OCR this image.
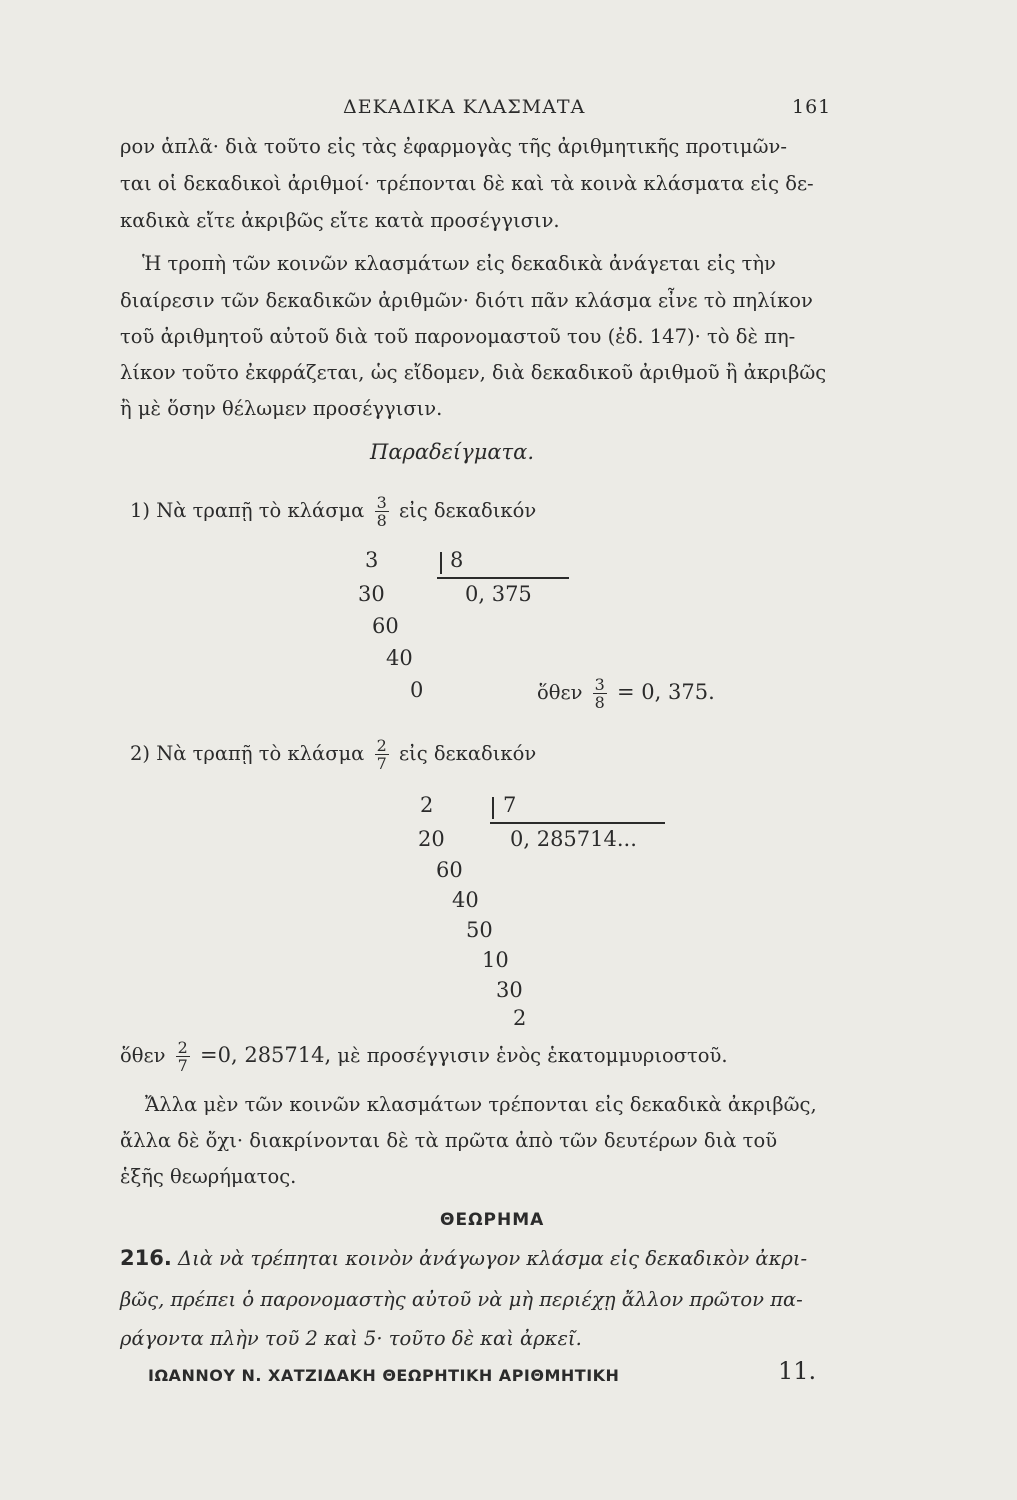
ΔΕΚΑΔΙΚΑ ΚΛΑΣΜΑΤΑ	161
ρον ἁπλᾶ· διὰ τοῦτο εἰς τὰς ἐφαρμογὰς τῆς ἀριθμητικῆς προτιμῶν-
ται οἱ δεκαδικοὶ ἀριθμοί· τρέπονται δὲ καὶ τὰ κοινὰ κλάσματα εἰς δε-
καδικὰ εἴτε ἀκριβῶς εἴτε κατὰ προσέγγισιν.
Ἡ τροπὴ τῶν κοινῶν κλασμάτων εἰς δεκαδικὰ ἀνάγεται εἰς τὴν
διαίρεσιν τῶν δεκαδικῶν ἀριθμῶν· διότι πᾶν κλάσμα εἶνε τὸ πηλίκον
τοῦ ἀριθμητοῦ αὐτοῦ διὰ τοῦ παρονομαστοῦ του (ἐδ. 147)· τὸ δὲ πη-
λίκον τοῦτο ἐκφράζεται, ὡς εἴδομεν, διὰ δεκαδικοῦ ἀριθμοῦ ἢ ἀκριβῶς
ἢ μὲ ὅσην θέλωμεν προσέγγισιν.
Παραδείγματα.
1) Νὰ τραπῇ τὸ κλάσμα $\frac{3}{8}$ εἰς δεκαδικόν
3	8
0, 375
30
60
40
0	ὅθεν $\frac{3}{8} = 0$, 375.
2) Νὰ τραπῇ τὸ κλάσμα $\frac{2}{7}$ εἰς δεκαδικόν
2	7
0, 285714...
20
60
40
50
10
30
2
ὅθεν $\frac{2}{7} =0$, 285714, μὲ προσέγγισιν ἑνὸς ἑκατομμυριοστοῦ.
Ἄλλα μὲν τῶν κοινῶν κλασμάτων τρέπονται εἰς δεκαδικὰ ἀκριβῶς,
ἄλλα δὲ ὄχι· διακρίνονται δὲ τὰ πρῶτα ἀπὸ τῶν δευτέρων διὰ τοῦ
ἑξῆς θεωρήματος.
ΘΕΩΡΗΜΑ
216. Διὰ νὰ τρέπηται κοινὸν ἀνάγωγον κλάσμα εἰς δεκαδικὸν ἀκρι-
βῶς, πρέπει ὁ παρονομαστὴς αὐτοῦ νὰ μὴ περιέχῃ ἄλλον πρῶτον πα-
ράγοντα πλὴν τοῦ 2 καὶ 5· τοῦτο δὲ καὶ ἀρκεῖ.
ΙΩΑΝΝΟΥ Ν. ΧΑΤΖΙΔΑΚΗ ΘΕΩΡΗΤΙΚΗ ΑΡΙΘΜΗΤΙΚΗ	11.
